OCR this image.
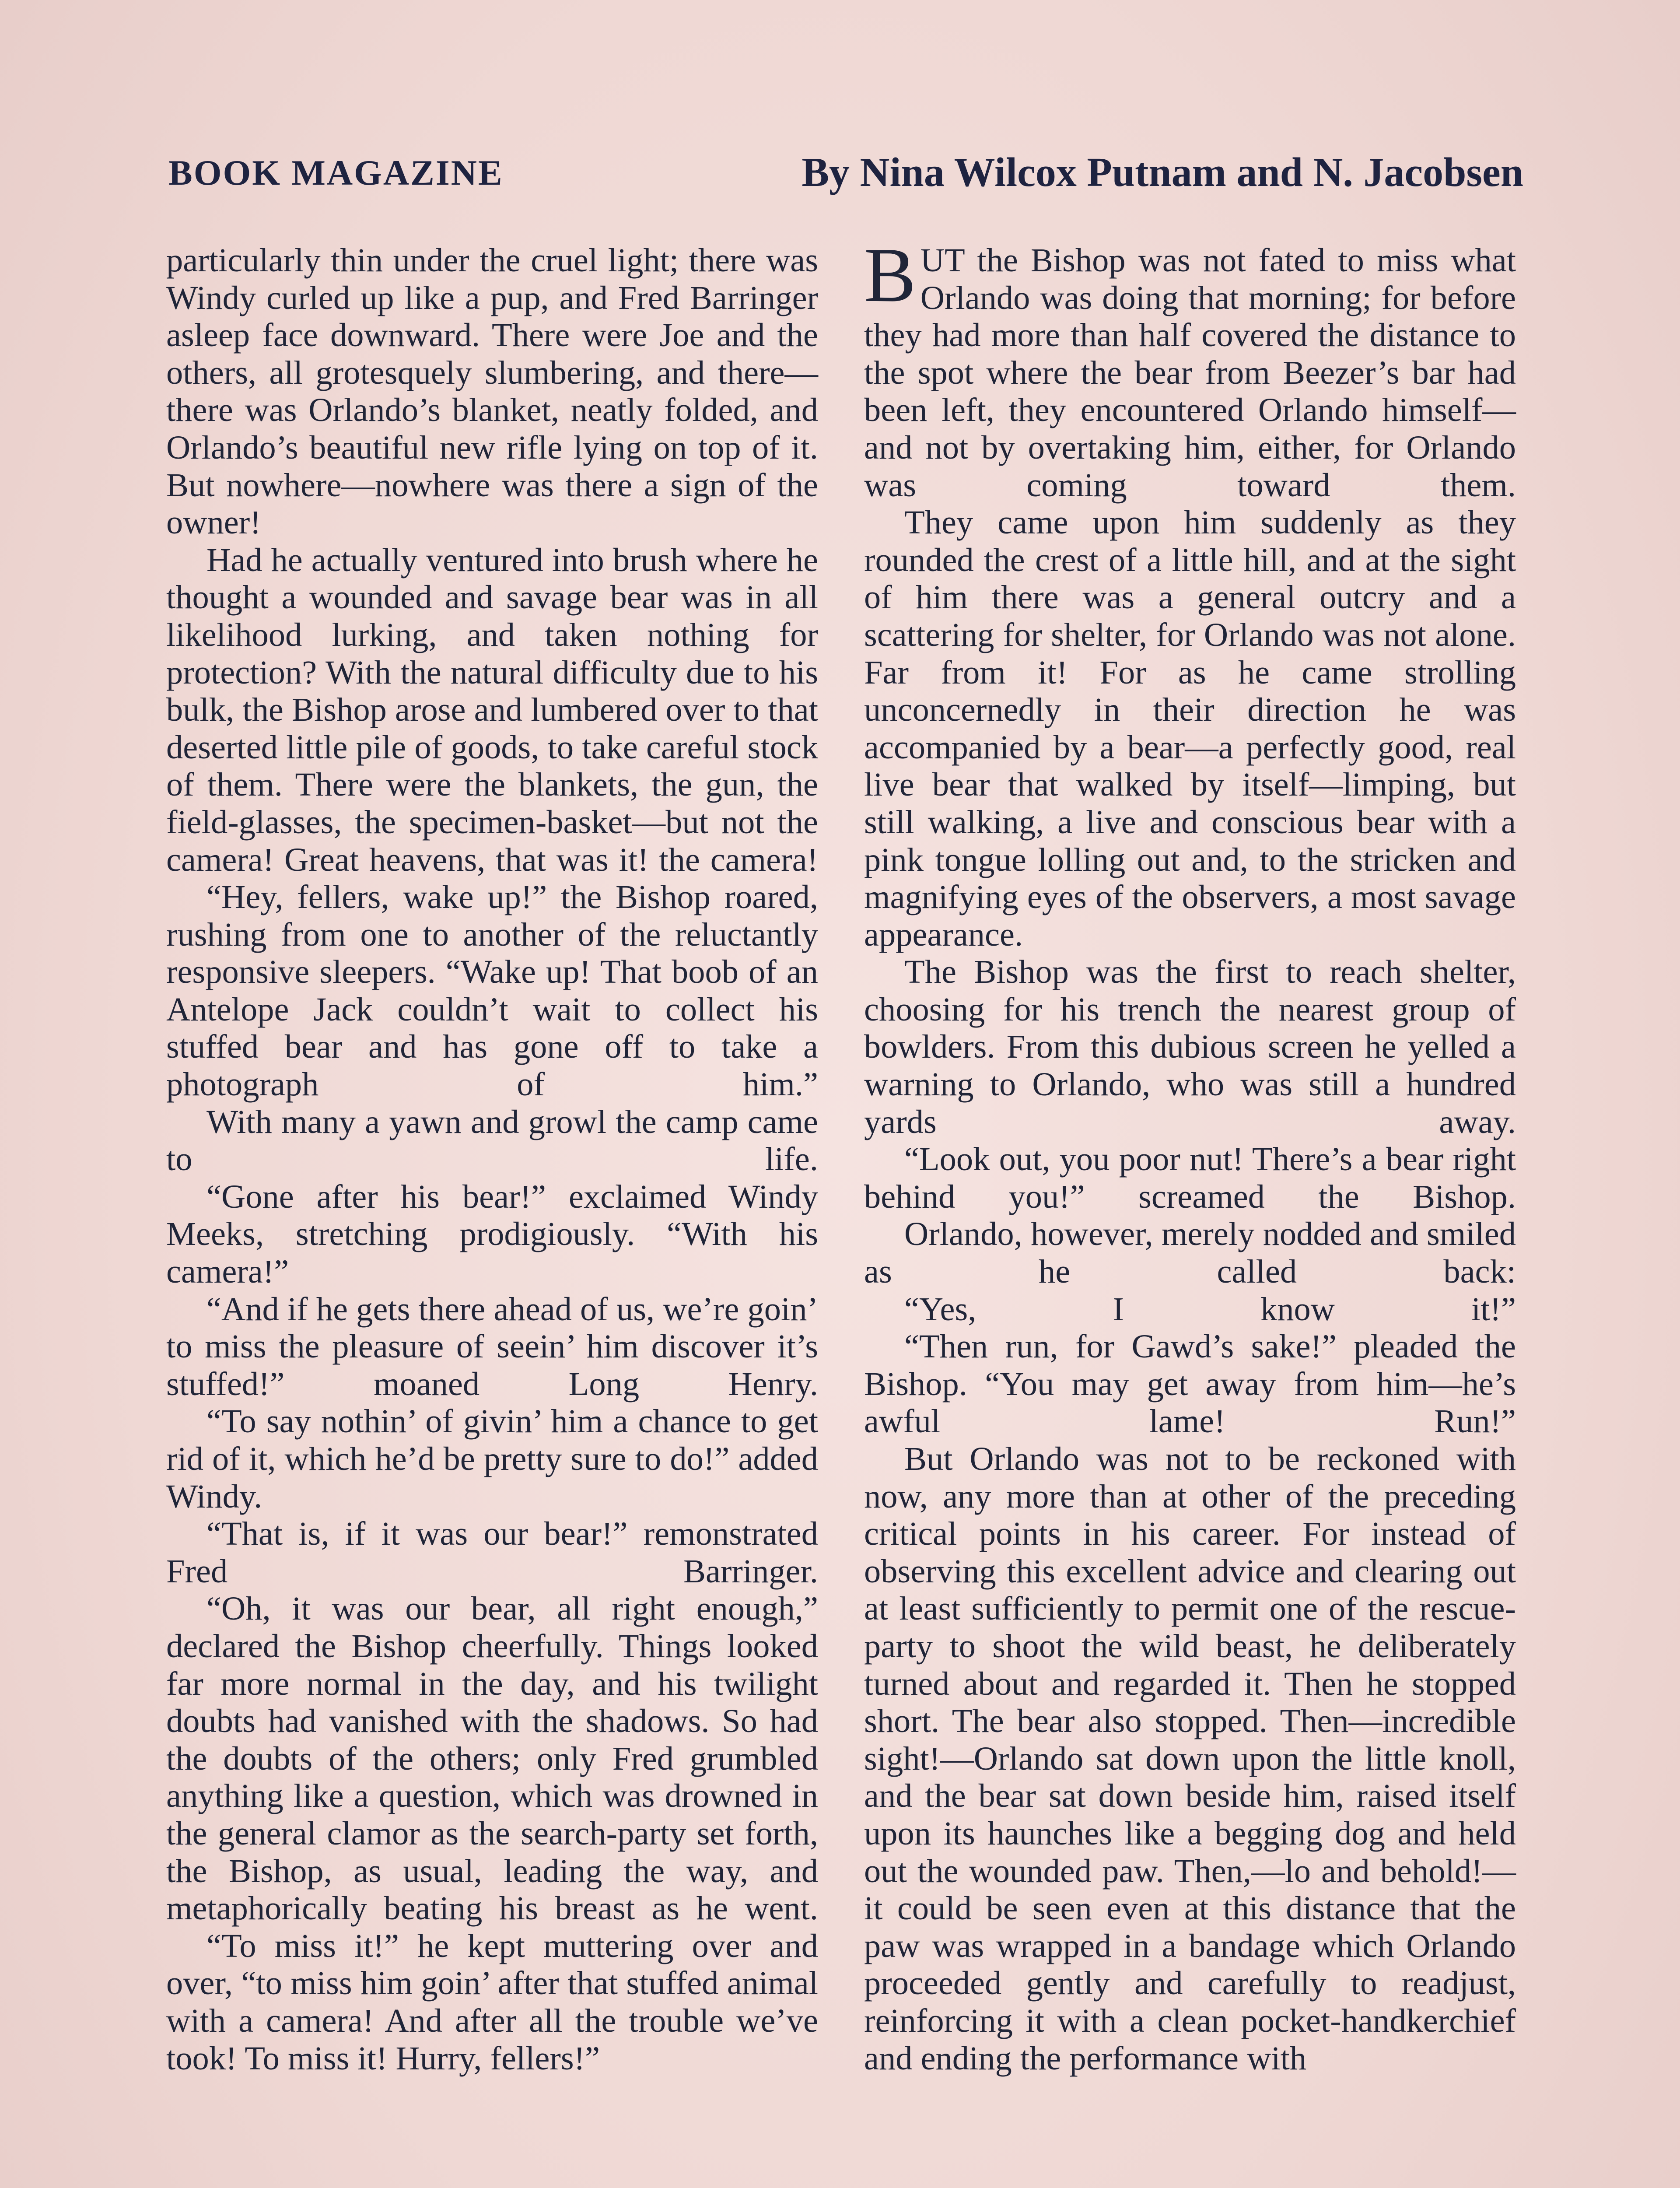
BOOK MAGAZINE	By Nina Wilcox Putnam and N. Jacobsen

particularly thin under the cruel light; there was Windy curled up like a pup, and Fred Barringer asleep face downward. There were Joe and the others, all grotesquely slumbering, and there—there was Orlando’s blanket, neatly folded, and Orlando’s beautiful new rifle lying on top of it. But nowhere—nowhere was there a sign of the owner!

Had he actually ventured into brush where he thought a wounded and savage bear was in all likelihood lurking, and taken nothing for protection? With the natural difficulty due to his bulk, the Bishop arose and lumbered over to that deserted little pile of goods, to take careful stock of them. There were the blankets, the gun, the field-glasses, the specimen-basket—but not the camera! Great heavens, that was it! the camera!

“Hey, fellers, wake up!” the Bishop roared, rushing from one to another of the reluctantly responsive sleepers. “Wake up! That boob of an Antelope Jack couldn’t wait to collect his stuffed bear and has gone off to take a photograph of him.”

With many a yawn and growl the camp came to life.

“Gone after his bear!” exclaimed Windy Meeks, stretching prodigiously. “With his camera!”

“And if he gets there ahead of us, we’re goin’ to miss the pleasure of seein’ him discover it’s stuffed!” moaned Long Henry.

“To say nothin’ of givin’ him a chance to get rid of it, which he’d be pretty sure to do!” added Windy.

“That is, if it was our bear!” remonstrated Fred Barringer.

“Oh, it was our bear, all right enough,” declared the Bishop cheerfully. Things looked far more normal in the day, and his twilight doubts had vanished with the shadows. So had the doubts of the others; only Fred grumbled anything like a question, which was drowned in the general clamor as the search-party set forth, the Bishop, as usual, leading the way, and metaphorically beating his breast as he went.

“To miss it!” he kept muttering over and over, “to miss him goin’ after that stuffed animal with a camera! And after all the trouble we’ve took! To miss it! Hurry, fellers!”

BUT the Bishop was not fated to miss what Orlando was doing that morning; for before they had more than half covered the distance to the spot where the bear from Beezer’s bar had been left, they encountered Orlando himself—and not by overtaking him, either, for Orlando was coming toward them.

They came upon him suddenly as they rounded the crest of a little hill, and at the sight of him there was a general outcry and a scattering for shelter, for Orlando was not alone. Far from it! For as he came strolling unconcernedly in their direction he was accompanied by a bear—a perfectly good, real live bear that walked by itself—limping, but still walking, a live and conscious bear with a pink tongue lolling out and, to the stricken and magnifying eyes of the observers, a most savage appearance.

The Bishop was the first to reach shelter, choosing for his trench the nearest group of bowlders. From this dubious screen he yelled a warning to Orlando, who was still a hundred yards away.

“Look out, you poor nut! There’s a bear right behind you!” screamed the Bishop.

Orlando, however, merely nodded and smiled as he called back:

“Yes, I know it!”

“Then run, for Gawd’s sake!” pleaded the Bishop. “You may get away from him—he’s awful lame! Run!”

But Orlando was not to be reckoned with now, any more than at other of the preceding critical points in his career. For instead of observing this excellent advice and clearing out at least sufficiently to permit one of the rescue-party to shoot the wild beast, he deliberately turned about and regarded it. Then he stopped short. The bear also stopped. Then—incredible sight!—Orlando sat down upon the little knoll, and the bear sat down beside him, raised itself upon its haunches like a begging dog and held out the wounded paw. Then,—lo and behold!—it could be seen even at this distance that the paw was wrapped in a bandage which Orlando proceeded gently and carefully to readjust, reinforcing it with a clean pocket-handkerchief and ending the performance with
